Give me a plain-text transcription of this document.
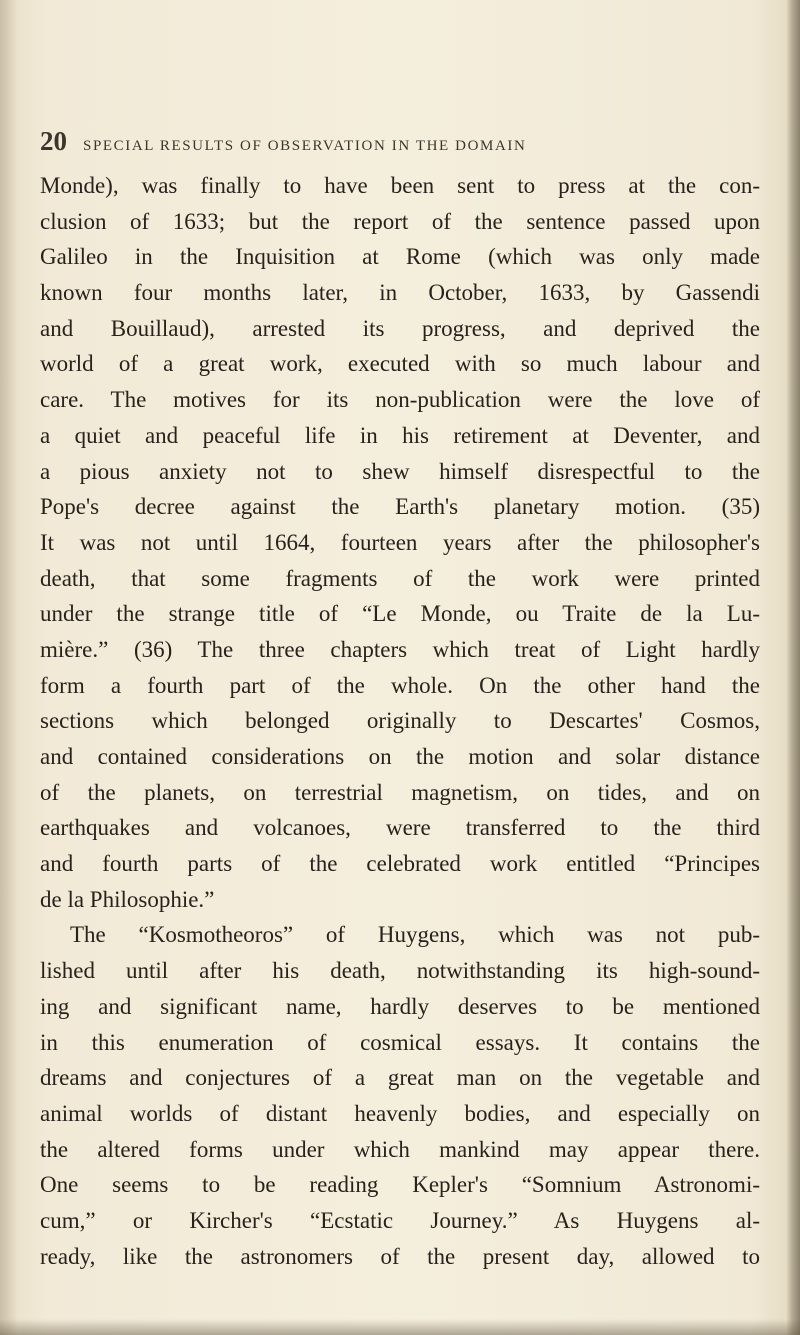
20 SPECIAL RESULTS OF OBSERVATION IN THE DOMAIN
Monde), was finally to have been sent to press at the con-
clusion of 1633; but the report of the sentence passed upon
Galileo in the Inquisition at Rome (which was only made
known four months later, in October, 1633, by Gassendi
and Bouillaud), arrested its progress, and deprived the
world of a great work, executed with so much labour and
care. The motives for its non-publication were the love of
a quiet and peaceful life in his retirement at Deventer, and
a pious anxiety not to shew himself disrespectful to the
Pope's decree against the Earth's planetary motion. (35)
It was not until 1664, fourteen years after the philosopher's
death, that some fragments of the work were printed
under the strange title of “Le Monde, ou Traite de la Lu-
mière.” (36) The three chapters which treat of Light hardly
form a fourth part of the whole. On the other hand the
sections which belonged originally to Descartes' Cosmos,
and contained considerations on the motion and solar distance
of the planets, on terrestrial magnetism, on tides, and on
earthquakes and volcanoes, were transferred to the third
and fourth parts of the celebrated work entitled “Principes
de la Philosophie.”
The “Kosmotheoros” of Huygens, which was not pub-
lished until after his death, notwithstanding its high-sound-
ing and significant name, hardly deserves to be mentioned
in this enumeration of cosmical essays. It contains the
dreams and conjectures of a great man on the vegetable and
animal worlds of distant heavenly bodies, and especially on
the altered forms under which mankind may appear there.
One seems to be reading Kepler's “Somnium Astronomi-
cum,” or Kircher's “Ecstatic Journey.” As Huygens al-
ready, like the astronomers of the present day, allowed to
